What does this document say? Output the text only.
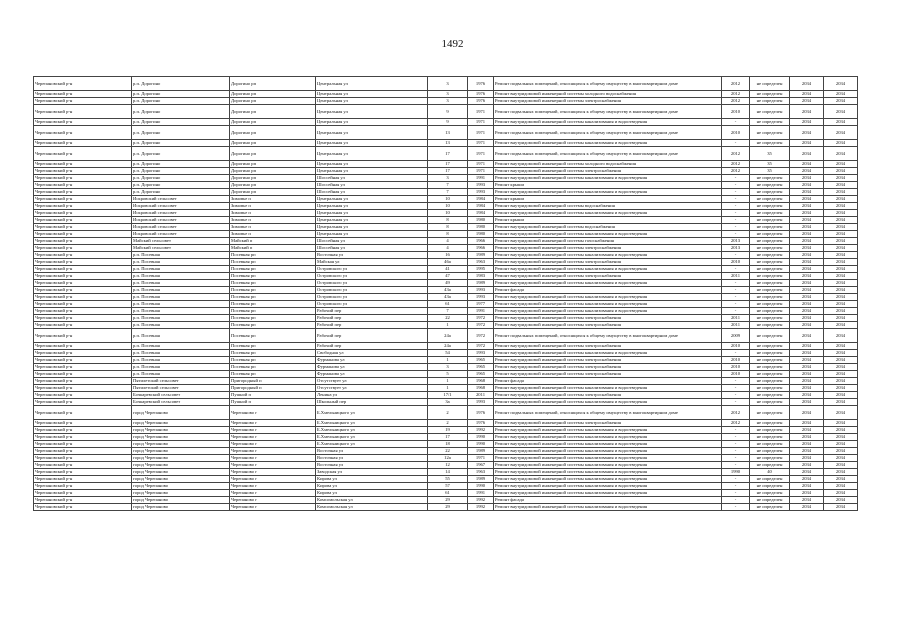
1492
Черепановский р-н	р.п. Дорогино	Дорогино рп	Центральная ул	3	1976	Ремонт подвальных помещений, относящихся к общему имуществу в многоквартирном доме	2012	не определен	2034	2034
Черепановский р-н	р.п. Дорогино	Дорогино рп	Центральная ул	3	1976	Ремонт внутридомовой инженерной системы холодного водоснабжения	2012	не определен	2034	2034
Черепановский р-н	р.п. Дорогино	Дорогино рп	Центральная ул	3	1976	Ремонт внутридомовой инженерной системы электроснабжения	2012	не определен	2034	2034
Черепановский р-н	р.п. Дорогино	Дорогино рп	Центральная ул	9	1971	Ремонт подвальных помещений, относящихся к общему имуществу в многоквартирном доме	2010	не определен	2034	2034
Черепановский р-н	р.п. Дорогино	Дорогино рп	Центральная ул	9	1971	Ремонт внутридомовой инженерной системы канализования и водоотведения	-	не определен	2034	2034
Черепановский р-н	р.п. Дорогино	Дорогино рп	Центральная ул	13	1971	Ремонт подвальных помещений, относящихся к общему имуществу в многоквартирном доме	2010	не определен	2034	2034
Черепановский р-н	р.п. Дорогино	Дорогино рп	Центральная ул	13	1971	Ремонт внутридомовой инженерной системы канализования и водоотведения	-	не определен	2034	2034
Черепановский р-н	р.п. Дорогино	Дорогино рп	Центральная ул	17	1971	Ремонт подвальных помещений, относящихся к общему имуществу в многоквартирном доме	2012	35	2034	2034
Черепановский р-н	р.п. Дорогино	Дорогино рп	Центральная ул	17	1971	Ремонт внутридомовой инженерной системы холодного водоснабжения	2012	35	2034	2034
Черепановский р-н	р.п. Дорогино	Дорогино рп	Центральная ул	17	1971	Ремонт внутридомовой инженерной системы электроснабжения	2012	35	2034	2034
Черепановский р-н	р.п. Дорогино	Дорогино рп	Шоссейная ул	3	1991	Ремонт внутридомовой инженерной системы канализования и водоотведения	-	не определен	2034	2034
Черепановский р-н	р.п. Дорогино	Дорогино рп	Шоссейная ул	7	1993	Ремонт крыши	-	не определен	2034	2034
Черепановский р-н	р.п. Дорогино	Дорогино рп	Шоссейная ул	7	1993	Ремонт внутридомовой инженерной системы канализования и водоотведения	-	не определен	2034	2034
Черепановский р-н	Искровский сельсовет	Зимовье п	Центральная ул	10	1984	Ремонт крыши	-	не определен	2034	2034
Черепановский р-н	Искровский сельсовет	Зимовье п	Центральная ул	10	1984	Ремонт внутридомовой инженерной системы водоснабжения	-	не определен	2034	2034
Черепановский р-н	Искровский сельсовет	Зимовье п	Центральная ул	10	1984	Ремонт внутридомовой инженерной системы канализования и водоотведения	-	не определен	2034	2034
Черепановский р-н	Искровский сельсовет	Зимовье п	Центральная ул	8	1980	Ремонт крыши	-	не определен	2034	2034
Черепановский р-н	Искровский сельсовет	Зимовье п	Центральная ул	8	1980	Ремонт внутридомовой инженерной системы водоснабжения	-	не определен	2034	2034
Черепановский р-н	Искровский сельсовет	Зимовье п	Центральная ул	8	1980	Ремонт внутридомовой инженерной системы канализования и водоотведения	-	не определен	2034	2034
Черепановский р-н	Майский сельсовет	Майский п	Шоссейная ул	4	1966	Ремонт внутридомовой инженерной системы газоснабжения	2013	не определен	2034	2034
Черепановский р-н	Майский сельсовет	Майский п	Шоссейная ул	4	1966	Ремонт внутридомовой инженерной системы электроснабжения	2013	не определен	2034	2034
Черепановский р-н	р.п. Посевная	Посевная рп	Восточная ул	16	1989	Ремонт внутридомовой инженерной системы канализования и водоотведения	-	не определен	2034	2034
Черепановский р-н	р.п. Посевная	Посевная рп	Майская ул	46а	1963	Ремонт внутридомовой инженерной системы электроснабжения	2010	не определен	2034	2034
Черепановский р-н	р.п. Посевная	Посевная рп	Островского ул	41	1995	Ремонт внутридомовой инженерной системы канализования и водоотведения	-	не определен	2034	2034
Черепановский р-н	р.п. Посевная	Посевная рп	Островского ул	47	1983	Ремонт внутридомовой инженерной системы электроснабжения	2011	не определен	2034	2034
Черепановский р-н	р.п. Посевная	Посевная рп	Островского ул	49	1989	Ремонт внутридомовой инженерной системы канализования и водоотведения	-	не определен	2034	2034
Черепановский р-н	р.п. Посевная	Посевная рп	Островского ул	43а	1993	Ремонт фасада	-	не определен	2034	2034
Черепановский р-н	р.п. Посевная	Посевная рп	Островского ул	43а	1993	Ремонт внутридомовой инженерной системы канализования и водоотведения	-	не определен	2034	2034
Черепановский р-н	р.п. Посевная	Посевная рп	Островского ул	61	1977	Ремонт внутридомовой инженерной системы канализования и водоотведения	-	не определен	2034	2034
Черепановский р-н	р.п. Посевная	Посевная рп	Рабочий пер	7	1991	Ремонт внутридомовой инженерной системы канализования и водоотведения	-	не определен	2034	2034
Черепановский р-н	р.п. Посевная	Посевная рп	Рабочий пер	22	1972	Ремонт внутридомовой инженерной системы электроснабжения	2011	не определен	2034	2034
Черепановский р-н	р.п. Посевная	Посевная рп	Рабочий пер	1	1972	Ремонт внутридомовой инженерной системы электроснабжения	2011	не определен	2034	2034
Черепановский р-н	р.п. Посевная	Посевная рп	Рабочий пер	24а	1972	Ремонт подвальных помещений, относящихся к общему имуществу в многоквартирном доме	2009	не определен	2034	2034
Черепановский р-н	р.п. Посевная	Посевная рп	Рабочий пер	24а	1972	Ремонт внутридомовой инженерной системы электроснабжения	2010	не определен	2034	2034
Черепановский р-н	р.п. Посевная	Посевная рп	Свободная ул	54	1993	Ремонт внутридомовой инженерной системы канализования и водоотведения	-	не определен	2034	2034
Черепановский р-н	р.п. Посевная	Посевная рп	Фурманова ул	1	1965	Ремонт внутридомовой инженерной системы электроснабжения	2010	не определен	2034	2034
Черепановский р-н	р.п. Посевная	Посевная рп	Фурманова ул	3	1965	Ремонт внутридомовой инженерной системы электроснабжения	2010	не определен	2034	2034
Черепановский р-н	р.п. Посевная	Посевная рп	Фурманова ул	5	1965	Ремонт внутридомовой инженерной системы электроснабжения	2010	не определен	2034	2034
Черепановский р-н	Пятилетский сельсовет	Пригородный п	Отсутствует ул	1	1968	Ремонт фасада	-	не определен	2034	2034
Черепановский р-н	Пятилетский сельсовет	Пригородный п	Отсутствует ул	1	1968	Ремонт внутридомовой инженерной системы канализования и водоотведения	-	не определен	2034	2034
Черепановский р-н	Бочкаревский сельсовет	Пушной п	Ленина ул	17/1	2011	Ремонт внутридомовой инженерной системы электроснабжения	-	не определен	2034	2034
Черепановский р-н	Бочкаревский сельсовет	Пушной п	Школьный пер	3а	1993	Ремонт внутридомовой инженерной системы канализования и водоотведения	-	не определен	2034	2034
Черепановский р-н	город Черепаново	Черепаново г	Б.Хмельницкого ул	2	1976	Ремонт подвальных помещений, относящихся к общему имуществу в многоквартирном доме	2012	не определен	2034	2034
Черепановский р-н	город Черепаново	Черепаново г	Б.Хмельницкого ул	2	1976	Ремонт внутридомовой инженерной системы электроснабжения	2012	не определен	2034	2034
Черепановский р-н	город Черепаново	Черепаново г	Б.Хмельницкого ул	19	1992	Ремонт внутридомовой инженерной системы канализования и водоотведения	-	не определен	2034	2034
Черепановский р-н	город Черепаново	Черепаново г	Б.Хмельницкого ул	17	1990	Ремонт внутридомовой инженерной системы канализования и водоотведения	-	не определен	2034	2034
Черепановский р-н	город Черепаново	Черепаново г	Б.Хмельницкого ул	18	1990	Ремонт внутридомовой инженерной системы канализования и водоотведения	-	не определен	2034	2034
Черепановский р-н	город Черепаново	Черепаново г	Восточная ул	22	1989	Ремонт внутридомовой инженерной системы канализования и водоотведения	-	не определен	2034	2034
Черепановский р-н	город Черепаново	Черепаново г	Восточная ул	12а	1971	Ремонт внутридомовой инженерной системы канализования и водоотведения	-	не определен	2034	2034
Черепановский р-н	город Черепаново	Черепаново г	Восточная ул	12	1967	Ремонт внутридомовой инженерной системы канализования и водоотведения	-	не определен	2034	2034
Черепановский р-н	город Черепаново	Черепаново г	Заводская ул	14	1963	Ремонт внутридомовой инженерной системы канализования и водоотведения	1990	40	2034	2034
Черепановский р-н	город Черепаново	Черепаново г	Кирова ул	55	1989	Ремонт внутридомовой инженерной системы канализования и водоотведения	-	не определен	2034	2034
Черепановский р-н	город Черепаново	Черепаново г	Кирова ул	57	1990	Ремонт внутридомовой инженерной системы канализования и водоотведения	-	не определен	2034	2034
Черепановский р-н	город Черепаново	Черепаново г	Кирова ул	61	1991	Ремонт внутридомовой инженерной системы канализования и водоотведения	-	не определен	2034	2034
Черепановский р-н	город Черепаново	Черепаново г	Комсомольская ул	29	1992	Ремонт фасада	-	не определен	2034	2034
Черепановский р-н	город Черепаново	Черепаново г	Комсомольская ул	29	1992	Ремонт внутридомовой инженерной системы канализования и водоотведения	-	не определен	2034	2034
